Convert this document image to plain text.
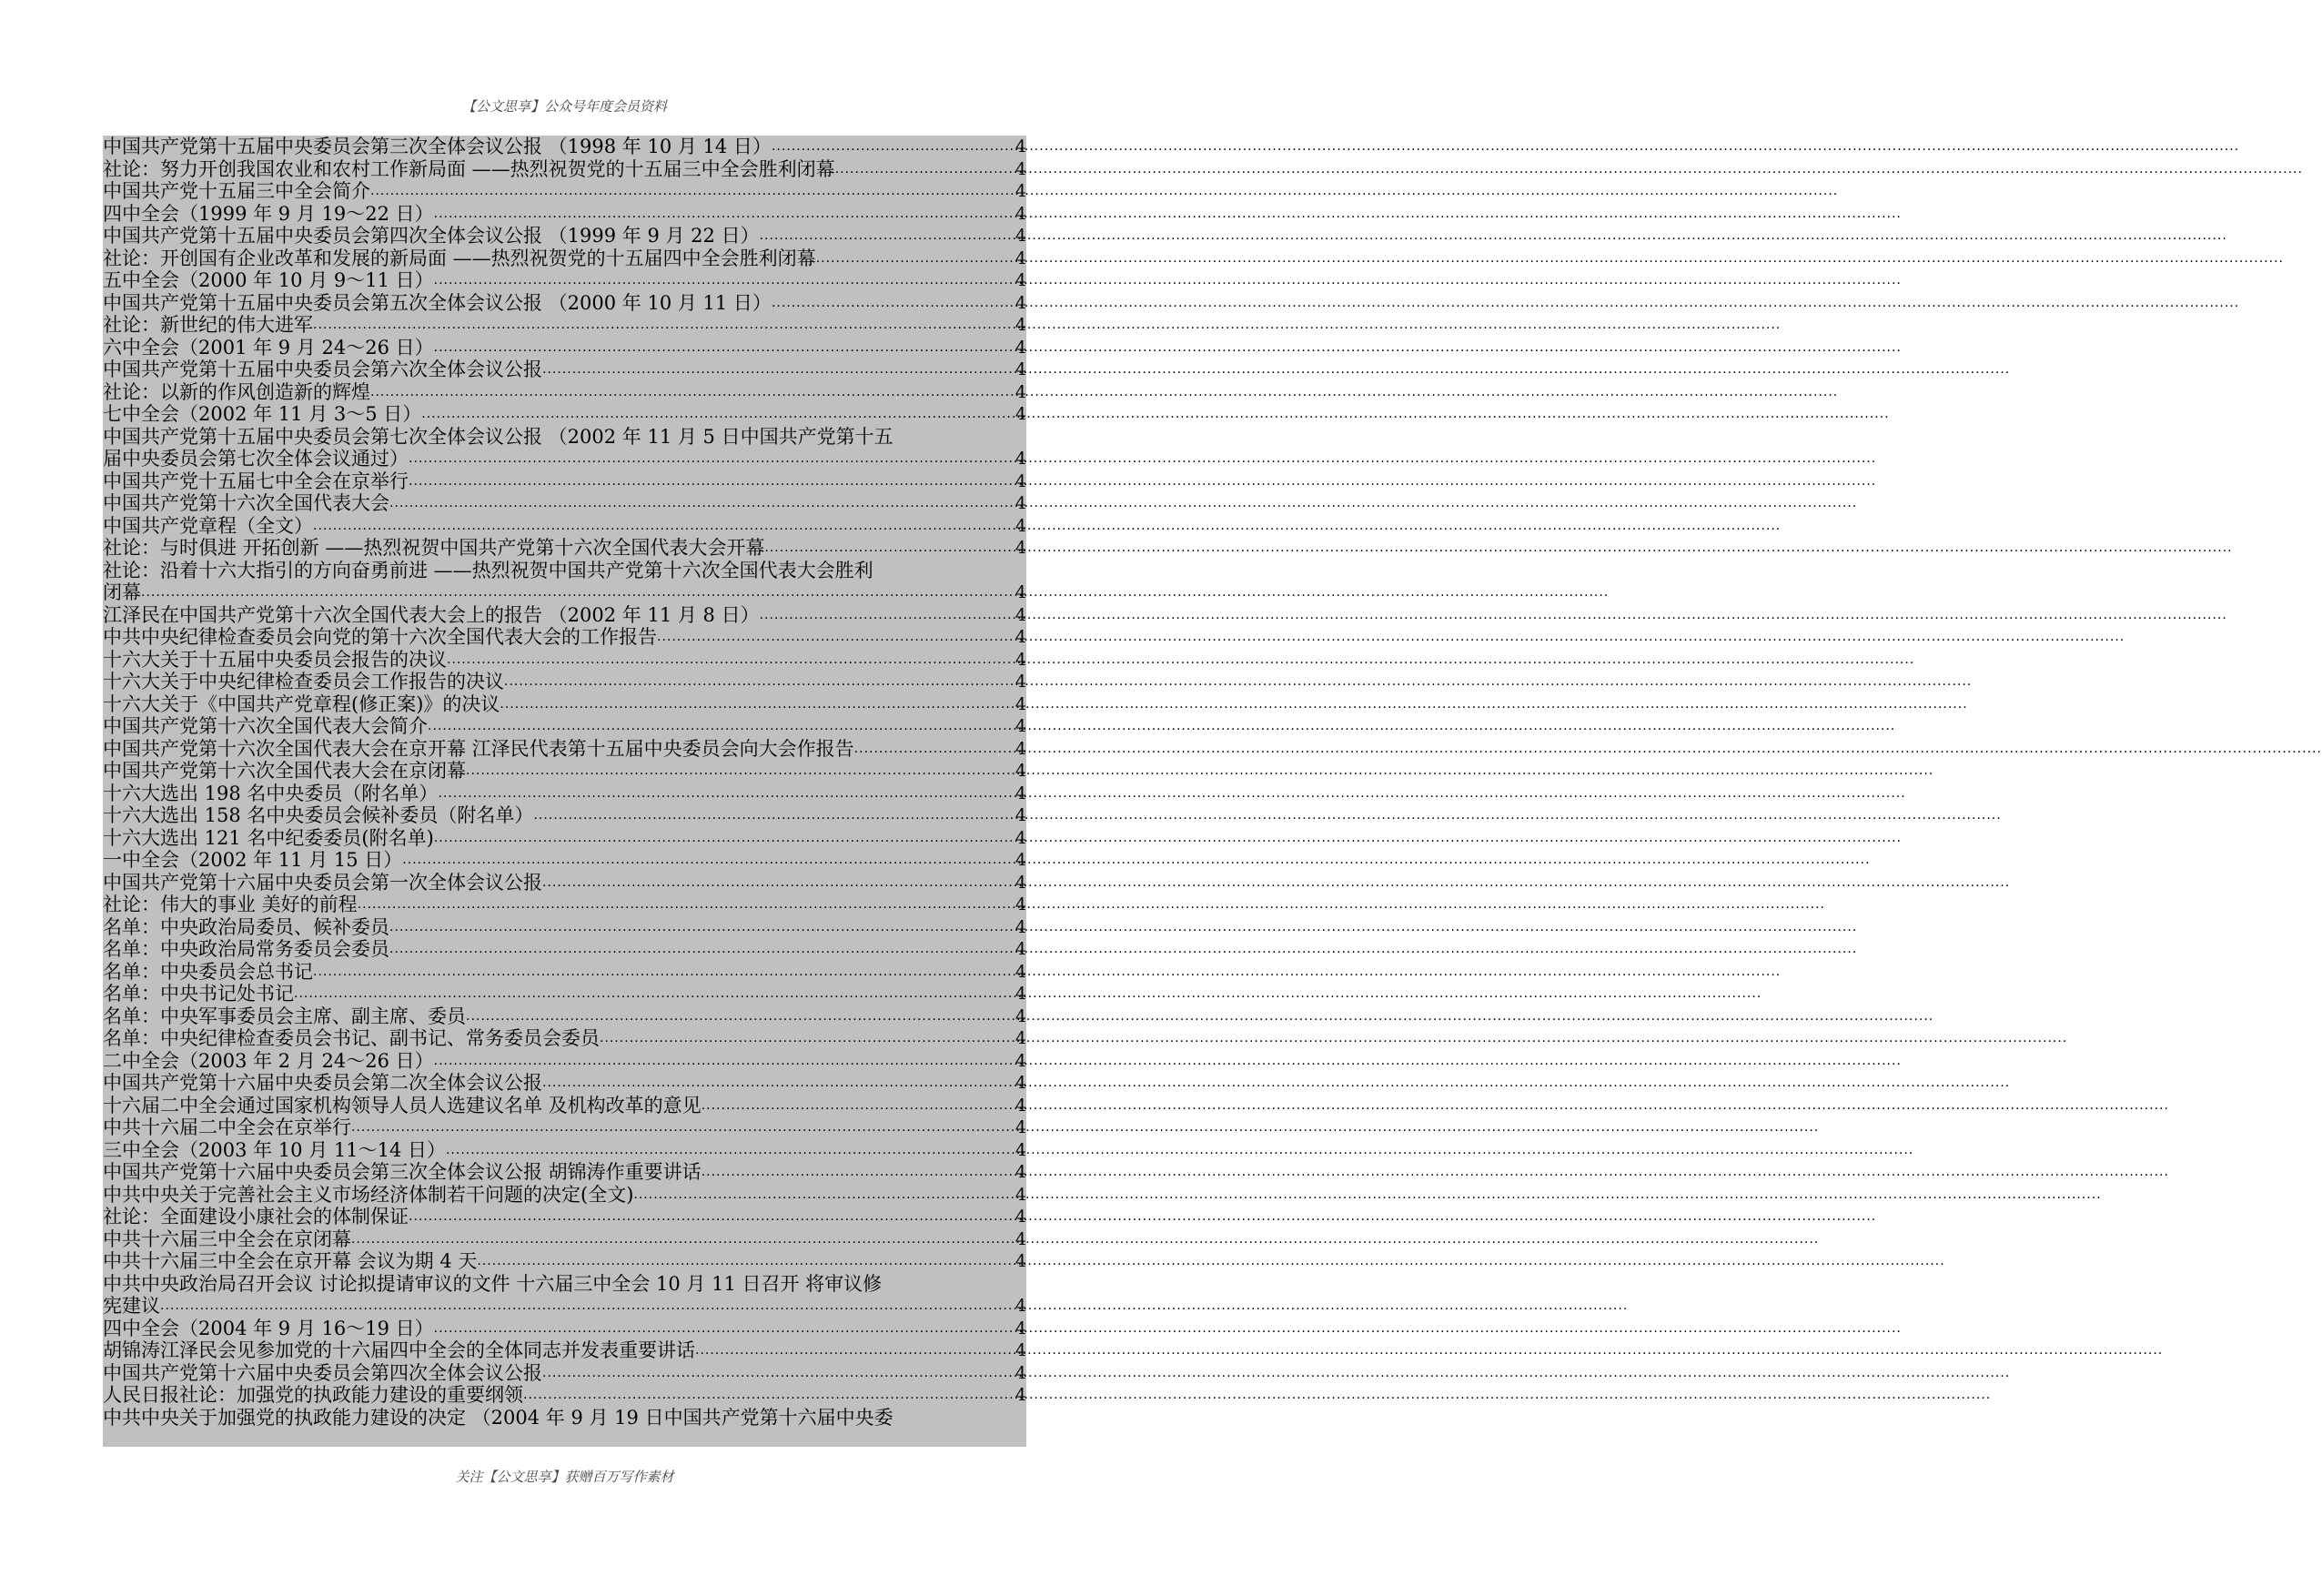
【公文思享】公众号年度会员资料
中国共产党第十五届中央委员会第三次全体会议公报 （1998 年 10 月 14 日） .....	4
社论：努力开创我国农业和农村工作新局面 ——热烈祝贺党的十五届三中全会胜利闭幕 .....	4
中国共产党十五届三中全会简介 .....	4
四中全会（1999 年 9 月 19～22 日） .....	4
中国共产党第十五届中央委员会第四次全体会议公报 （1999 年 9 月 22 日） .....	4
社论：开创国有企业改革和发展的新局面 ——热烈祝贺党的十五届四中全会胜利闭幕 .....	4
五中全会（2000 年 10 月 9～11 日） .....	4
中国共产党第十五届中央委员会第五次全体会议公报 （2000 年 10 月 11 日） .....	4
社论：新世纪的伟大进军 .....	4
六中全会（2001 年 9 月 24～26 日） .....	4
中国共产党第十五届中央委员会第六次全体会议公报 .....	4
社论：以新的作风创造新的辉煌 .....	4
七中全会（2002 年 11 月 3～5 日） .....	4
中国共产党第十五届中央委员会第七次全体会议公报 （2002 年 11 月 5 日中国共产党第十五
届中央委员会第七次全体会议通过） .....	4
中国共产党十五届七中全会在京举行 .....	4
中国共产党第十六次全国代表大会 .....	4
中国共产党章程（全文） .....	4
社论：与时俱进 开拓创新 ——热烈祝贺中国共产党第十六次全国代表大会开幕 .....	4
社论：沿着十六大指引的方向奋勇前进 ——热烈祝贺中国共产党第十六次全国代表大会胜利
闭幕 .....	4
江泽民在中国共产党第十六次全国代表大会上的报告 （2002 年 11 月 8 日） .....	4
中共中央纪律检查委员会向党的第十六次全国代表大会的工作报告 .....	4
十六大关于十五届中央委员会报告的决议 .....	4
十六大关于中央纪律检查委员会工作报告的决议 .....	4
十六大关于《中国共产党章程(修正案)》的决议 .....	4
中国共产党第十六次全国代表大会简介 .....	4
中国共产党第十六次全国代表大会在京开幕 江泽民代表第十五届中央委员会向大会作报告 .....	4
中国共产党第十六次全国代表大会在京闭幕 .....	4
十六大选出 198 名中央委员（附名单） .....	4
十六大选出 158 名中央委员会候补委员（附名单） .....	4
十六大选出 121 名中纪委委员(附名单) .....	4
一中全会（2002 年 11 月 15 日） .....	4
中国共产党第十六届中央委员会第一次全体会议公报 .....	4
社论：伟大的事业 美好的前程 .....	4
名单：中央政治局委员、候补委员 .....	4
名单：中央政治局常务委员会委员 .....	4
名单：中央委员会总书记 .....	4
名单：中央书记处书记 .....	4
名单：中央军事委员会主席、副主席、委员 .....	4
名单：中央纪律检查委员会书记、副书记、常务委员会委员 .....	4
二中全会（2003 年 2 月 24～26 日） .....	4
中国共产党第十六届中央委员会第二次全体会议公报 .....	4
十六届二中全会通过国家机构领导人员人选建议名单 及机构改革的意见 .....	4
中共十六届二中全会在京举行 .....	4
三中全会（2003 年 10 月 11～14 日） .....	4
中国共产党第十六届中央委员会第三次全体会议公报 胡锦涛作重要讲话 .....	4
中共中央关于完善社会主义市场经济体制若干问题的决定(全文) .....	4
社论：全面建设小康社会的体制保证 .....	4
中共十六届三中全会在京闭幕 .....	4
中共十六届三中全会在京开幕 会议为期 4 天 .....	4
中共中央政治局召开会议 讨论拟提请审议的文件 十六届三中全会 10 月 11 日召开 将审议修
宪建议 .....	4
四中全会（2004 年 9 月 16～19 日） .....	4
胡锦涛江泽民会见参加党的十六届四中全会的全体同志并发表重要讲话 .....	4
中国共产党第十六届中央委员会第四次全体会议公报 .....	4
人民日报社论：加强党的执政能力建设的重要纲领 .....	4
中共中央关于加强党的执政能力建设的决定 （2004 年 9 月 19 日中国共产党第十六届中央委
关注【公文思享】获赠百万写作素材
